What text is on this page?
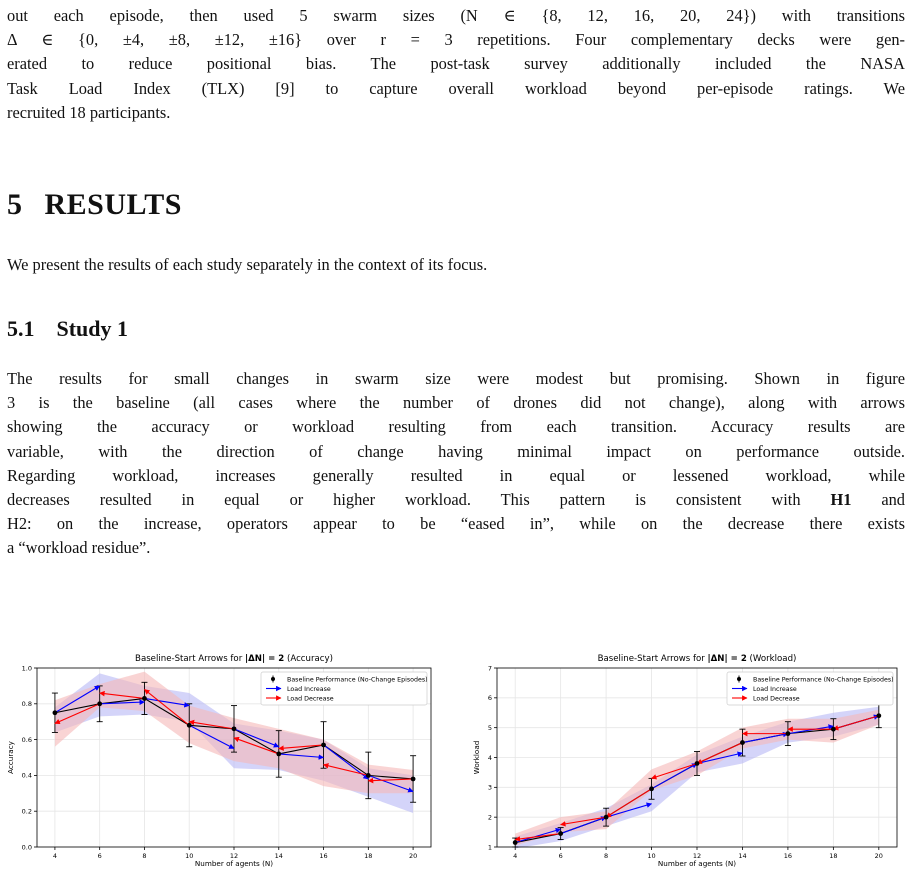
out each episode, then used 5 swarm sizes (N ∈ {8, 12, 16, 20, 24}) with transitions
Δ ∈ {0, ±4, ±8, ±12, ±16} over r = 3 repetitions. Four complementary decks were gen-
erated to reduce positional bias. The post-task survey additionally included the NASA
Task Load Index (TLX) [9] to capture overall workload beyond per-episode ratings. We
recruited 18 participants.
5 RESULTS
We present the results of each study separately in the context of its focus.
5.1 Study 1
The results for small changes in swarm size were modest but promising. Shown in figure
3 is the baseline (all cases where the number of drones did not change), along with arrows
showing the accuracy or workload resulting from each transition. Accuracy results are
variable, with the direction of change having minimal impact on performance outside.
Regarding workload, increases generally resulted in equal or lessened workload, while
decreases resulted in equal or higher workload. This pattern is consistent with H1 and
H2: on the increase, operators appear to be “eased in”, while on the decrease there exists
a “workload residue”.
Baseline-Start Arrows for |ΔN| = 2 (Accuracy)
4	6	8	10	12	14	16	18	20
0.0
0.2
0.4
0.6
0.8
1.0
Number of agents (N)
Accuracy
Baseline Performance (No-Change Episodes)
Load Increase
Load Decrease
Baseline-Start Arrows for |ΔN| = 2 (Workload)
4	6	8	10	12	14	16	18	20
1
2
3
4
5
6
7
Number of agents (N)
Workload
Baseline Performance (No-Change Episodes)
Load Increase
Load Decrease
